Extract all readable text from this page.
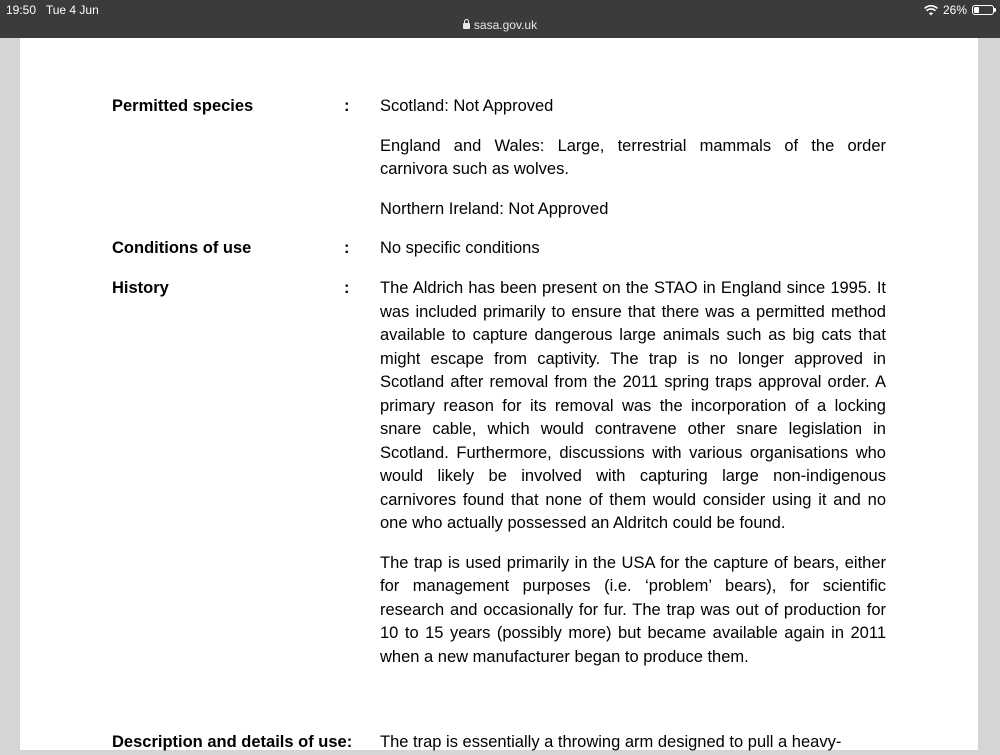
19:50 Tue 4 Jun	26%
sasa.gov.uk
Permitted species	: Scotland: Not Approved

England and Wales: Large, terrestrial mammals of the order carnivora such as wolves.

Northern Ireland: Not Approved

Conditions of use	: No specific conditions
History	: The Aldrich has been present on the STAO in England since 1995. It was included primarily to ensure that there was a permitted method available to capture dangerous large animals such as big cats that might escape from captivity. The trap is no longer approved in Scotland after removal from the 2011 spring traps approval order. A primary reason for its removal was the incorporation of a locking snare cable, which would contravene other snare legislation in Scotland. Furthermore, discussions with various organisations who would likely be involved with capturing large non-indigenous carnivores found that none of them would consider using it and no one who actually possessed an Aldritch could be found.

The trap is used primarily in the USA for the capture of bears, either for management purposes (i.e. ‘problem’ bears), for scientific research and occasionally for fur. The trap was out of production for 10 to 15 years (possibly more) but became available again in 2011 when a new manufacturer began to produce them.

Description and details of use: The trap is essentially a throwing arm designed to pull a heavy-
